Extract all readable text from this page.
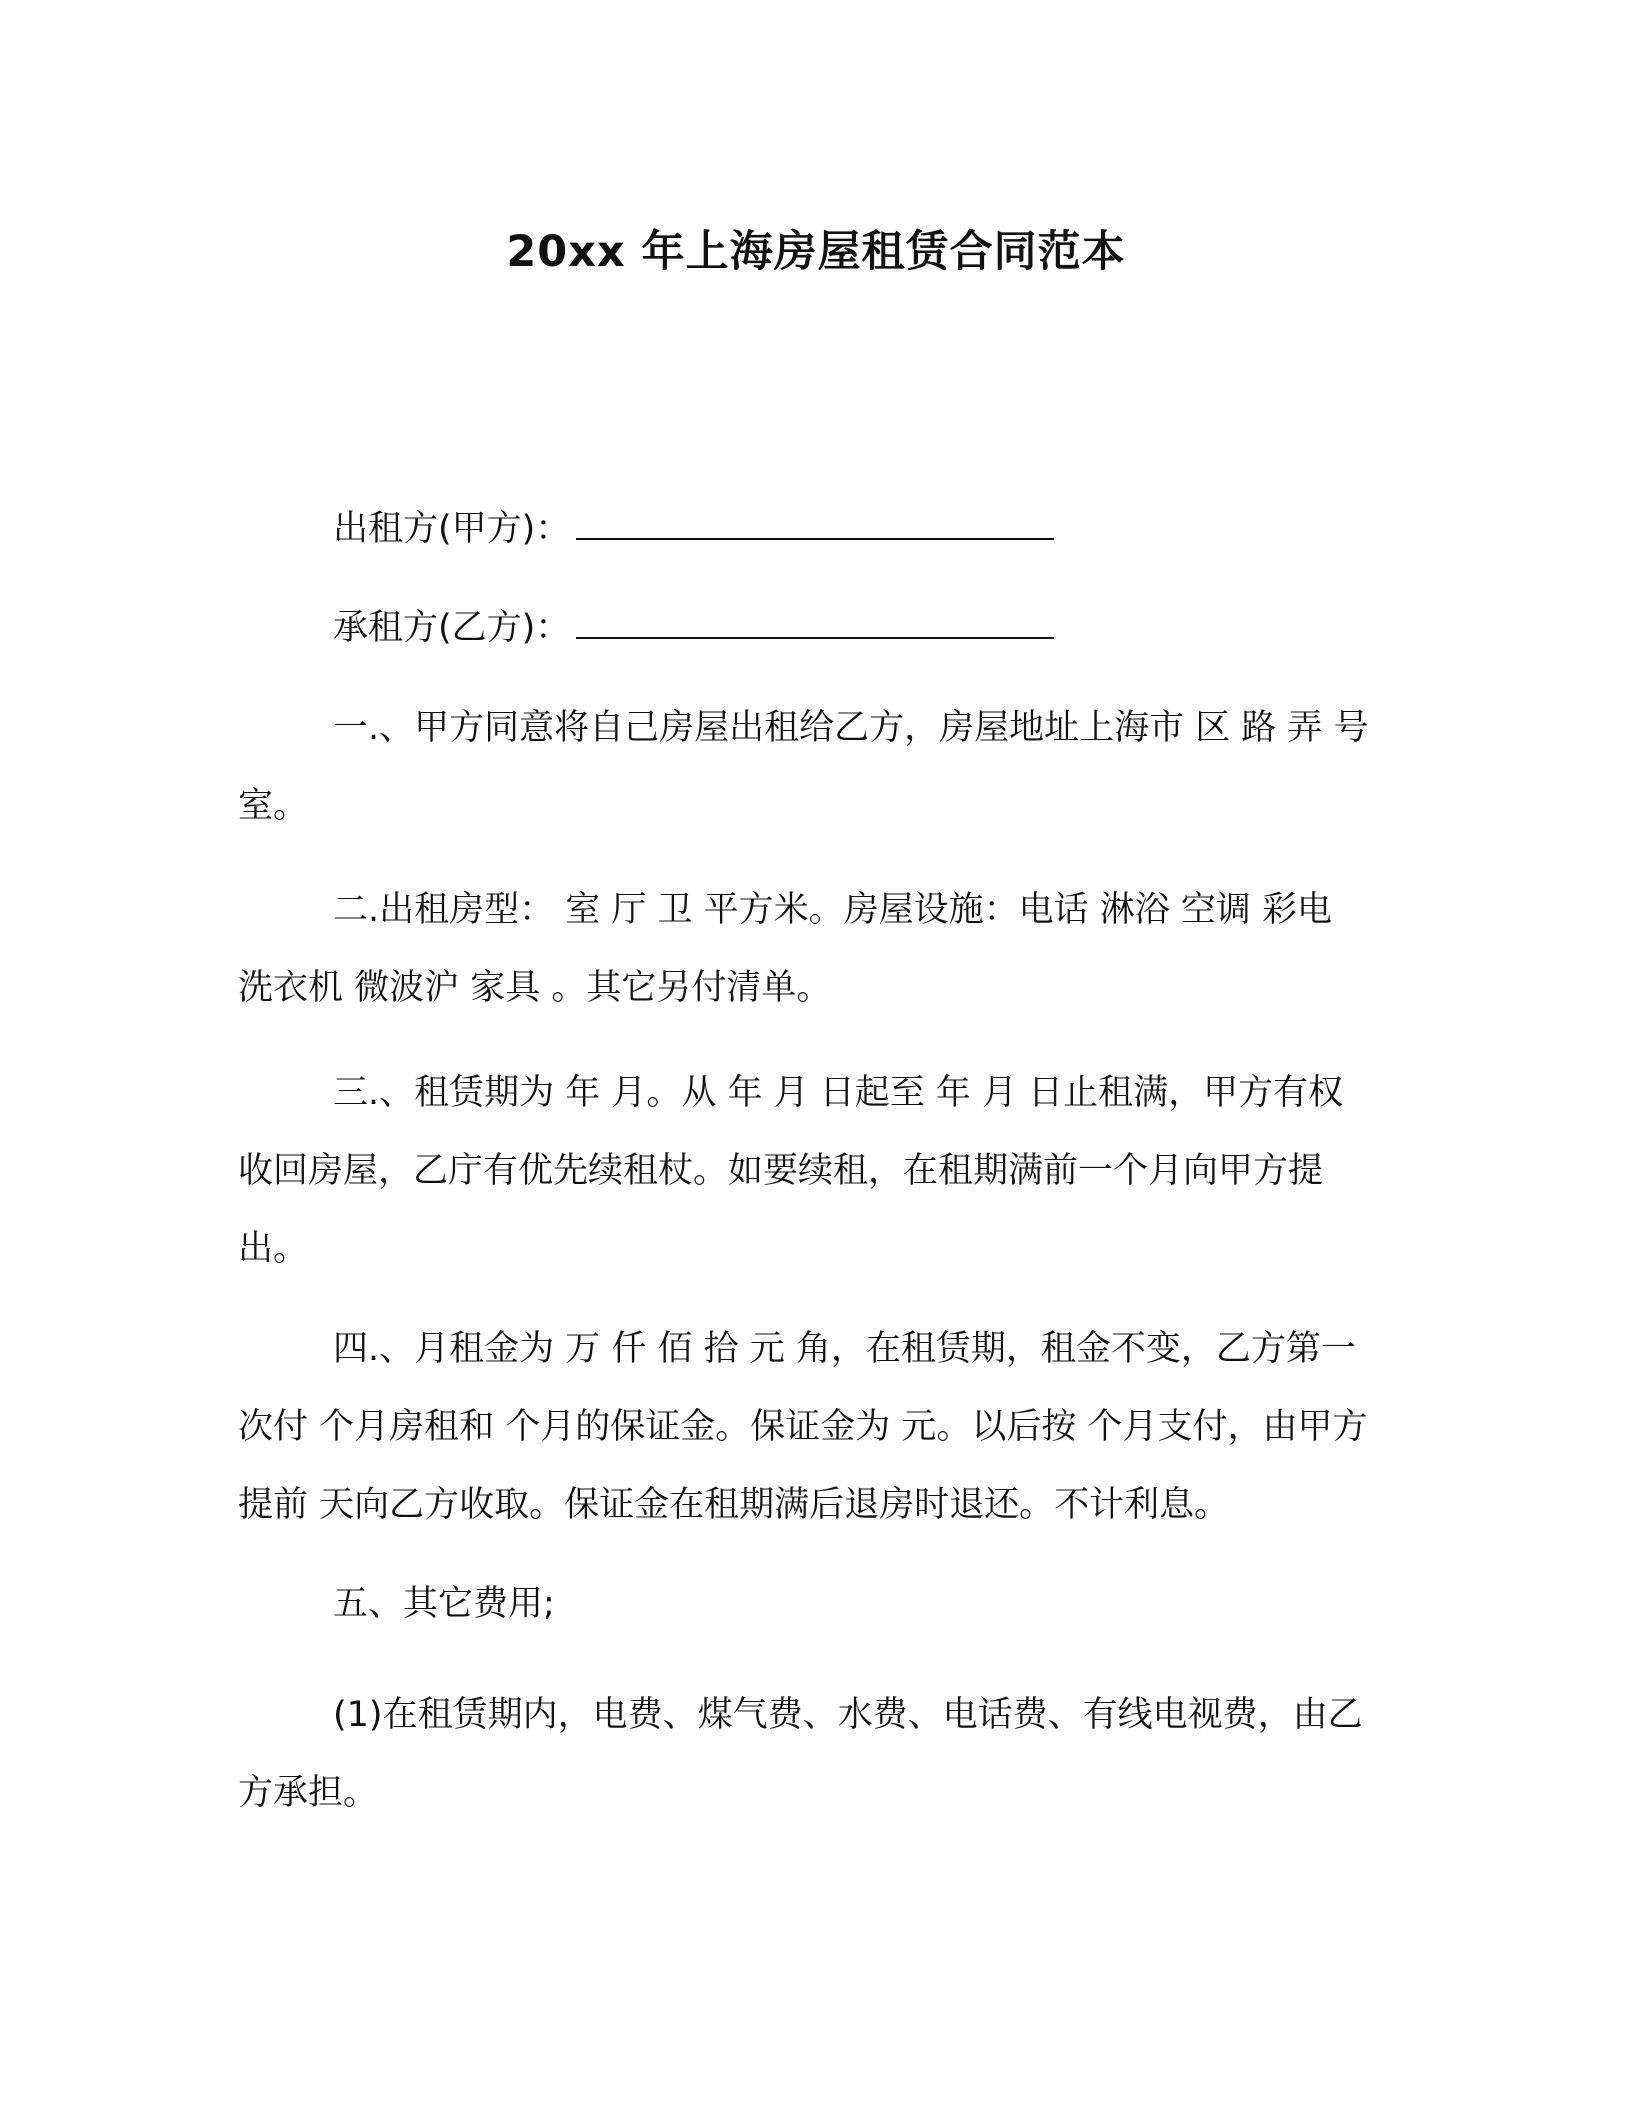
20xx 年上海房屋租赁合同范本
出租方(甲方)：
承租方(乙方)：

一.、甲方同意将自己房屋出租给乙方，房屋地址上海市 区 路 弄 号 室。

二.出租房型： 室 厅 卫 平方米。房屋设施：电话 淋浴 空调 彩电 洗衣机 微波沪 家具 。其它另付清单。

三.、租赁期为 年 月。从 年 月 日起至 年 月 日止租满，甲方有权收回房屋，乙庁有优先续租杖。如要续租，在租期满前一个月向甲方提出。

四.、月租金为 万 仟 佰 拾 元 角，在租赁期，租金不变，乙方第一次付 个月房租和 个月的保证金。保证金为 元。以后按 个月支付，由甲方提前 天向乙方收取。保证金在租期满后退房时退还。不计利息。

五、其它费用;

(1)在租赁期内，电费、煤气费、水费、电话费、有线电视费，由乙方承担。
